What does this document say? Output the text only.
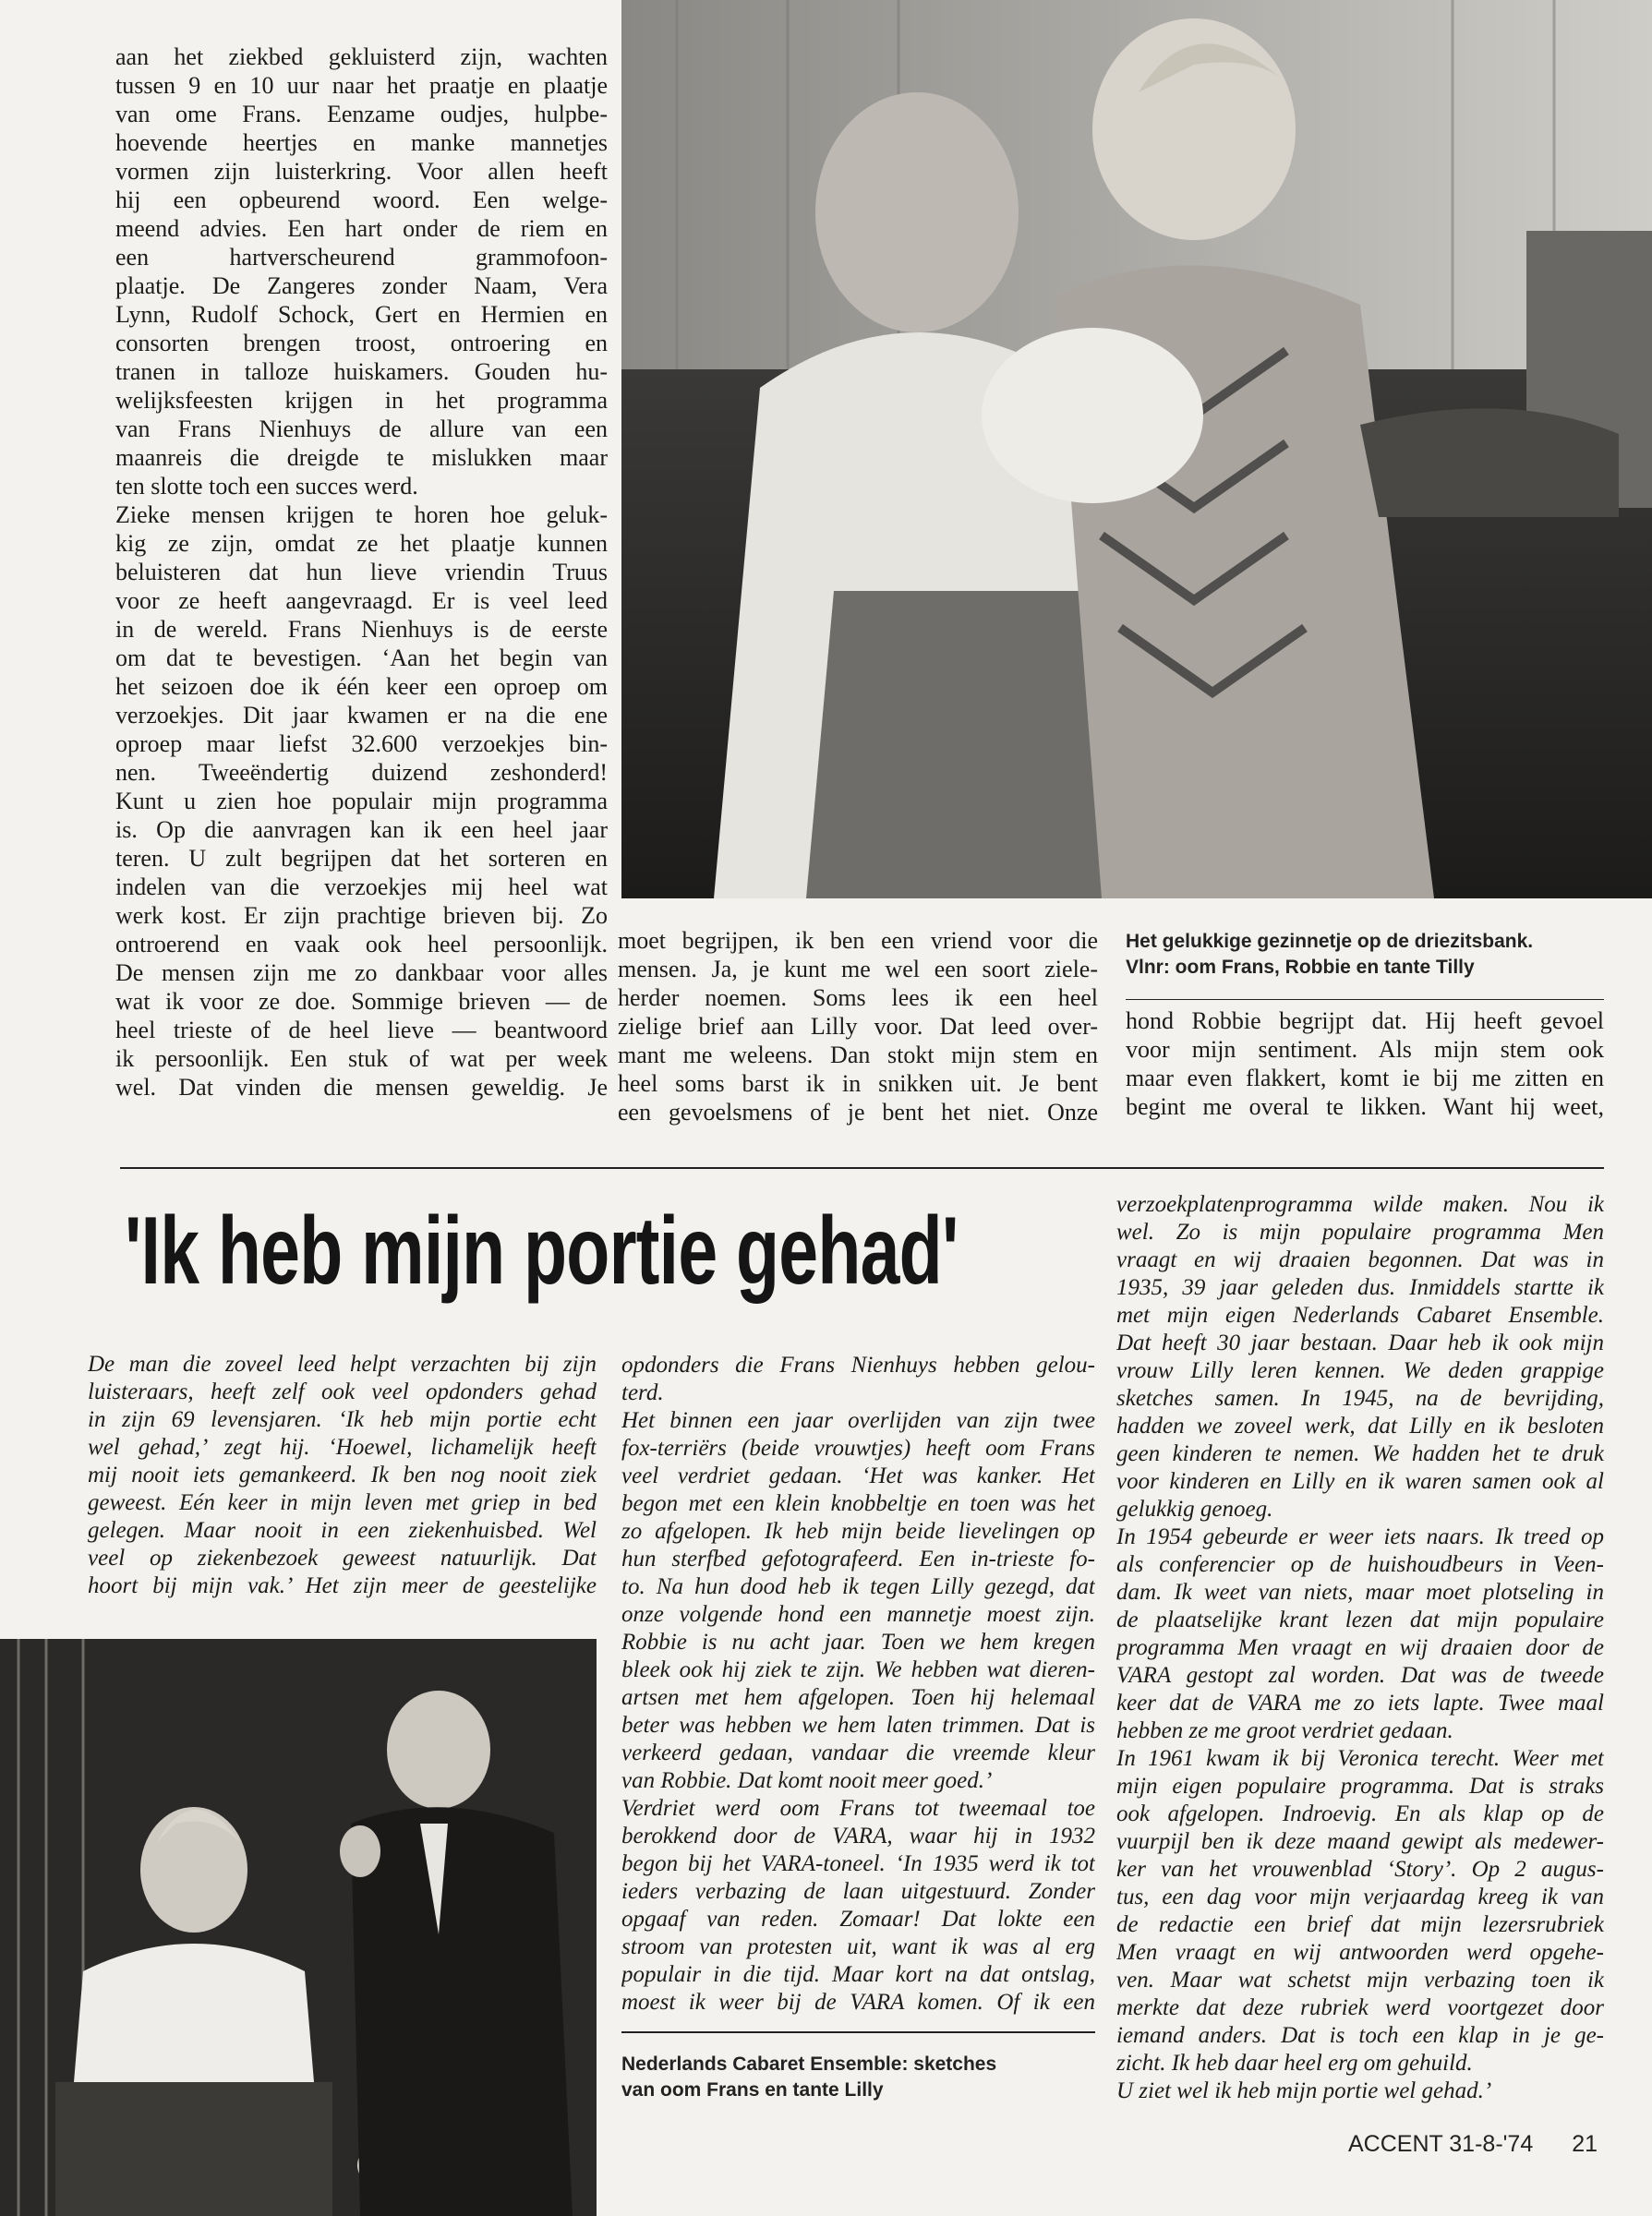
aan het ziekbed gekluisterd zijn, wachten
tussen 9 en 10 uur naar het praatje en plaatje
van ome Frans. Eenzame oudjes, hulpbe-
hoevende heertjes en manke mannetjes
vormen zijn luisterkring. Voor allen heeft
hij een opbeurend woord. Een welge-
meend advies. Een hart onder de riem en
een hartverscheurend grammofoon-
plaatje. De Zangeres zonder Naam, Vera
Lynn, Rudolf Schock, Gert en Hermien en
consorten brengen troost, ontroering en
tranen in talloze huiskamers. Gouden hu-
welijksfeesten krijgen in het programma
van Frans Nienhuys de allure van een
maanreis die dreigde te mislukken maar
ten slotte toch een succes werd.
Zieke mensen krijgen te horen hoe geluk-
kig ze zijn, omdat ze het plaatje kunnen
beluisteren dat hun lieve vriendin Truus
voor ze heeft aangevraagd. Er is veel leed
in de wereld. Frans Nienhuys is de eerste
om dat te bevestigen. ‘Aan het begin van
het seizoen doe ik één keer een oproep om
verzoekjes. Dit jaar kwamen er na die ene
oproep maar liefst 32.600 verzoekjes bin-
nen. Tweeëndertig duizend zeshonderd!
Kunt u zien hoe populair mijn programma
is. Op die aanvragen kan ik een heel jaar
teren. U zult begrijpen dat het sorteren en
indelen van die verzoekjes mij heel wat
werk kost. Er zijn prachtige brieven bij. Zo
ontroerend en vaak ook heel persoonlijk.
De mensen zijn me zo dankbaar voor alles
wat ik voor ze doe. Sommige brieven — de
heel trieste of de heel lieve — beantwoord
ik persoonlijk. Een stuk of wat per week
wel. Dat vinden die mensen geweldig. Je
moet begrijpen, ik ben een vriend voor die
mensen. Ja, je kunt me wel een soort ziele-
herder noemen. Soms lees ik een heel
zielige brief aan Lilly voor. Dat leed over-
mant me weleens. Dan stokt mijn stem en
heel soms barst ik in snikken uit. Je bent
een gevoelsmens of je bent het niet. Onze
Het gelukkige gezinnetje op de driezitsbank.
Vlnr: oom Frans, Robbie en tante Tilly
hond Robbie begrijpt dat. Hij heeft gevoel
voor mijn sentiment. Als mijn stem ook
maar even flakkert, komt ie bij me zitten en
begint me overal te likken. Want hij weet,
'Ik heb mijn portie gehad'
De man die zoveel leed helpt verzachten bij zijn
luisteraars, heeft zelf ook veel opdonders gehad
in zijn 69 levensjaren. ‘Ik heb mijn portie echt
wel gehad,’ zegt hij. ‘Hoewel, lichamelijk heeft
mij nooit iets gemankeerd. Ik ben nog nooit ziek
geweest. Eén keer in mijn leven met griep in bed
gelegen. Maar nooit in een ziekenhuisbed. Wel
veel op ziekenbezoek geweest natuurlijk. Dat
hoort bij mijn vak.’ Het zijn meer de geestelijke
opdonders die Frans Nienhuys hebben gelou-
terd.
Het binnen een jaar overlijden van zijn twee
fox-terriërs (beide vrouwtjes) heeft oom Frans
veel verdriet gedaan. ‘Het was kanker. Het
begon met een klein knobbeltje en toen was het
zo afgelopen. Ik heb mijn beide lievelingen op
hun sterfbed gefotografeerd. Een in-trieste fo-
to. Na hun dood heb ik tegen Lilly gezegd, dat
onze volgende hond een mannetje moest zijn.
Robbie is nu acht jaar. Toen we hem kregen
bleek ook hij ziek te zijn. We hebben wat dieren-
artsen met hem afgelopen. Toen hij helemaal
beter was hebben we hem laten trimmen. Dat is
verkeerd gedaan, vandaar die vreemde kleur
van Robbie. Dat komt nooit meer goed.’
Verdriet werd oom Frans tot tweemaal toe
berokkend door de VARA, waar hij in 1932
begon bij het VARA-toneel. ‘In 1935 werd ik tot
ieders verbazing de laan uitgestuurd. Zonder
opgaaf van reden. Zomaar! Dat lokte een
stroom van protesten uit, want ik was al erg
populair in die tijd. Maar kort na dat ontslag,
moest ik weer bij de VARA komen. Of ik een
Nederlands Cabaret Ensemble: sketches
van oom Frans en tante Lilly
verzoekplatenprogramma wilde maken. Nou ik
wel. Zo is mijn populaire programma Men
vraagt en wij draaien begonnen. Dat was in
1935, 39 jaar geleden dus. Inmiddels startte ik
met mijn eigen Nederlands Cabaret Ensemble.
Dat heeft 30 jaar bestaan. Daar heb ik ook mijn
vrouw Lilly leren kennen. We deden grappige
sketches samen. In 1945, na de bevrijding,
hadden we zoveel werk, dat Lilly en ik besloten
geen kinderen te nemen. We hadden het te druk
voor kinderen en Lilly en ik waren samen ook al
gelukkig genoeg.
In 1954 gebeurde er weer iets naars. Ik treed op
als conferencier op de huishoudbeurs in Veen-
dam. Ik weet van niets, maar moet plotseling in
de plaatselijke krant lezen dat mijn populaire
programma Men vraagt en wij draaien door de
VARA gestopt zal worden. Dat was de tweede
keer dat de VARA me zo iets lapte. Twee maal
hebben ze me groot verdriet gedaan.
In 1961 kwam ik bij Veronica terecht. Weer met
mijn eigen populaire programma. Dat is straks
ook afgelopen. Indroevig. En als klap op de
vuurpijl ben ik deze maand gewipt als medewer-
ker van het vrouwenblad ‘Story’. Op 2 augus-
tus, een dag voor mijn verjaardag kreeg ik van
de redactie een brief dat mijn lezersrubriek
Men vraagt en wij antwoorden werd opgehe-
ven. Maar wat schetst mijn verbazing toen ik
merkte dat deze rubriek werd voortgezet door
iemand anders. Dat is toch een klap in je ge-
zicht. Ik heb daar heel erg om gehuild.
U ziet wel ik heb mijn portie wel gehad.’
ACCENT 31-8-'74 21
